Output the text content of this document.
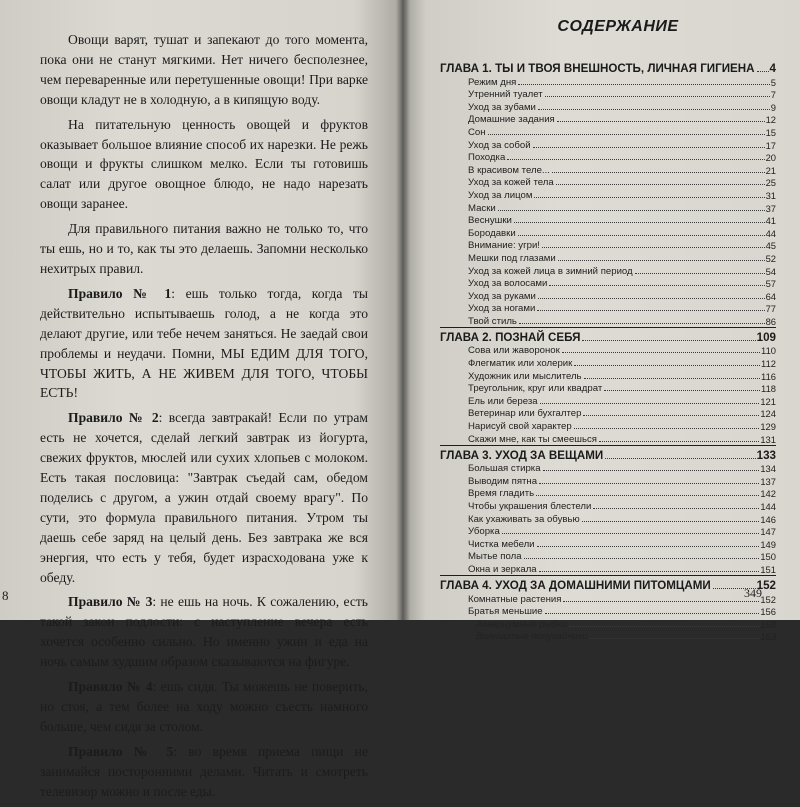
Овощи варят, тушат и запекают до того момента, пока они не станут мягкими. Нет ничего бесполезнее, чем переваренные или перетушенные овощи! При варке овощи кладут не в холодную, а в кипящую воду.

На питательную ценность овощей и фруктов оказывает большое влияние способ их нарезки. Не режь овощи и фрукты слишком мелко. Если ты готовишь салат или другое овощное блюдо, не надо нарезать овощи заранее.

Для правильного питания важно не только то, что ты ешь, но и то, как ты это делаешь. Запомни несколько нехитрых правил.

Правило № 1: ешь только тогда, когда ты действительно испытываешь голод, а не когда это делают другие, или тебе нечем заняться. Не заедай свои проблемы и неудачи. Помни, МЫ ЕДИМ ДЛЯ ТОГО, ЧТОБЫ ЖИТЬ, А НЕ ЖИВЕМ ДЛЯ ТОГО, ЧТОБЫ ЕСТЬ!

Правило № 2: всегда завтракай! Если по утрам есть не хочется, сделай легкий завтрак из йогурта, свежих фруктов, мюслей или сухих хлопьев с молоком. Есть такая пословица: "Завтрак съедай сам, обедом поделись с другом, а ужин отдай своему врагу". По сути, это формула правильного питания. Утром ты даешь себе заряд на целый день. Без завтрака же вся энергия, что есть у тебя, будет израсходована уже к обеду.

Правило № 3: не ешь на ночь. К сожалению, есть такой закон подлости: с наступление вечера есть хочется особенно сильно. Но именно ужин и еда на ночь самым худшим образом сказываются на фигуре.

Правило № 4: ешь сидя. Ты можешь не поверить, но стоя, а тем более на ходу можно съесть намного больше, чем сидя за столом.

Правило № 5: во время приема пищи не занимайся посторонними делами. Читать и смотреть телевизор можно и после еды.

8
СОДЕРЖАНИЕ
ГЛАВА 1. ТЫ И ТВОЯ ВНЕШНОСТЬ, ЛИЧНАЯ ГИГИЕНА 4
Режим дня	5
Утренний туалет	7
Уход за зубами	9
Домашние задания	12
Сон	15
Уход за собой	17
Походка	20
В красивом теле...	21
Уход за кожей тела	25
Уход за лицом	31
Маски	37
Веснушки	41
Бородавки	44
Внимание: угри!	45
Мешки под глазами	52
Уход за кожей лица в зимний период	54
Уход за волосами	57
Уход за руками	64
Уход за ногами	77
Твой стиль	86
ГЛАВА 2. ПОЗНАЙ СЕБЯ	109
Сова или жаворонок	110
Флегматик или холерик	112
Художник или мыслитель	116
Треугольник, круг или квадрат	118
Ель или береза	121
Ветеринар или бухгалтер	124
Нарисуй свой характер	129
Скажи мне, как ты смеешься	131
ГЛАВА 3. УХОД ЗА ВЕЩАМИ	133
Большая стирка	134
Выводим пятна	137
Время гладить	142
Чтобы украшения блестели	144
Как ухаживать за обувью	146
Уборка	147
Чистка мебели	149
Мытье пола	150
Окна и зеркала	151
ГЛАВА 4. УХОД ЗА ДОМАШНИМИ ПИТОМЦАМИ	152
Комнатные растения	152
Братья меньшие	156
Аквариумные рыбки	158
Волнистые попугайчики	163
349
